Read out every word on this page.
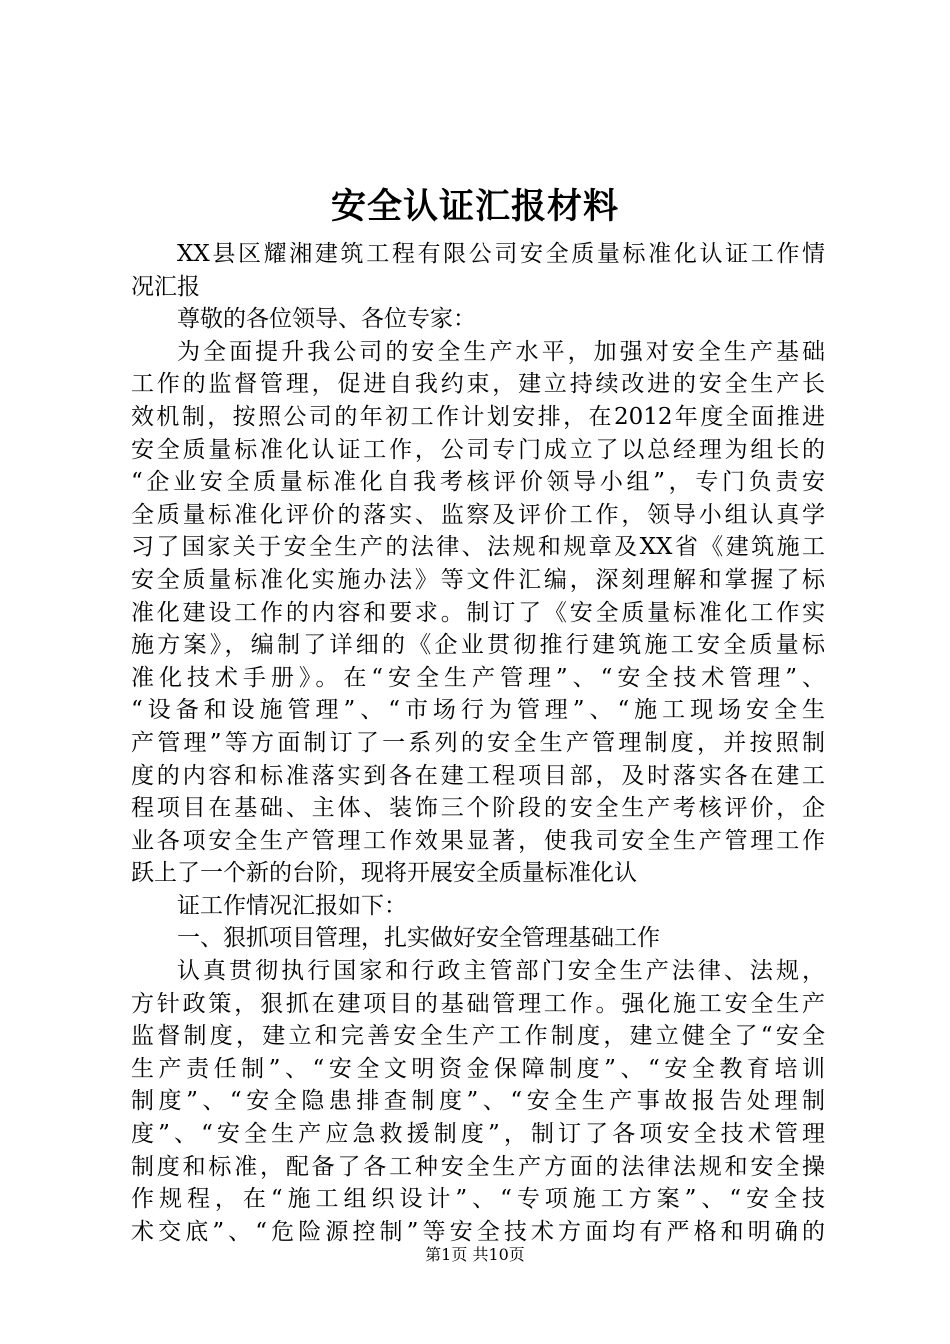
安全认证汇报材料
XX县区耀湘建筑工程有限公司安全质量标准化认证工作情
况汇报
尊敬的各位领导、各位专家：
为全面提升我公司的安全生产水平，加强对安全生产基础
工作的监督管理，促进自我约束，建立持续改进的安全生产长
效机制，按照公司的年初工作计划安排，在2012年度全面推进
安全质量标准化认证工作，公司专门成立了以总经理为组长的
“企业安全质量标准化自我考核评价领导小组”，专门负责安
全质量标准化评价的落实、监察及评价工作，领导小组认真学
习了国家关于安全生产的法律、法规和规章及XX省《建筑施工
安全质量标准化实施办法》等文件汇编，深刻理解和掌握了标
准化建设工作的内容和要求。制订了《安全质量标准化工作实
施方案》，编制了详细的《企业贯彻推行建筑施工安全质量标
准化技术手册》。在“安全生产管理”、“安全技术管理”、
“设备和设施管理”、“市场行为管理”、“施工现场安全生
产管理”等方面制订了一系列的安全生产管理制度，并按照制
度的内容和标准落实到各在建工程项目部，及时落实各在建工
程项目在基础、主体、装饰三个阶段的安全生产考核评价，企
业各项安全生产管理工作效果显著，使我司安全生产管理工作
跃上了一个新的台阶，现将开展安全质量标准化认
证工作情况汇报如下：
一、狠抓项目管理，扎实做好安全管理基础工作
认真贯彻执行国家和行政主管部门安全生产法律、法规，
方针政策，狠抓在建项目的基础管理工作。强化施工安全生产
监督制度，建立和完善安全生产工作制度，建立健全了“安全
生产责任制”、“安全文明资金保障制度”、“安全教育培训
制度”、“安全隐患排查制度”、“安全生产事故报告处理制
度”、“安全生产应急救援制度”，制订了各项安全技术管理
制度和标准，配备了各工种安全生产方面的法律法规和安全操
作规程，在“施工组织设计”、“专项施工方案”、“安全技
术交底”、“危险源控制”等安全技术方面均有严格和明确的
第1页 共10页
